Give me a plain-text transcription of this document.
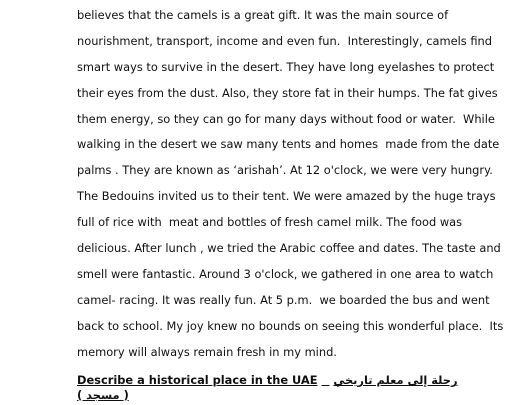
believes that the camels is a great gift. It was the main source of
nourishment, transport, income and even fun.  Interestingly, camels find
smart ways to survive in the desert. They have long eyelashes to protect
their eyes from the dust. Also, they store fat in their humps. The fat gives
them energy, so they can go for many days without food or water.  While
walking in the desert we saw many tents and homes  made from the date
palms . They are known as ‘arishah’. At 12 o'clock, we were very hungry.
The Bedouins invited us to their tent. We were amazed by the huge trays
full of rice with  meat and bottles of fresh camel milk. The food was
delicious. After lunch , we tried the Arabic coffee and dates. The taste and
smell were fantastic. Around 3 o'clock, we gathered in one area to watch
camel- racing. It was really fun. At 5 p.m.  we boarded the bus and went
back to school. My joy knew no bounds on seeing this wonderful place.  Its
memory will always remain fresh in my mind.
Describe a historical place in the UAE رحلة إلى معلم تاريخي
( مسجد )
